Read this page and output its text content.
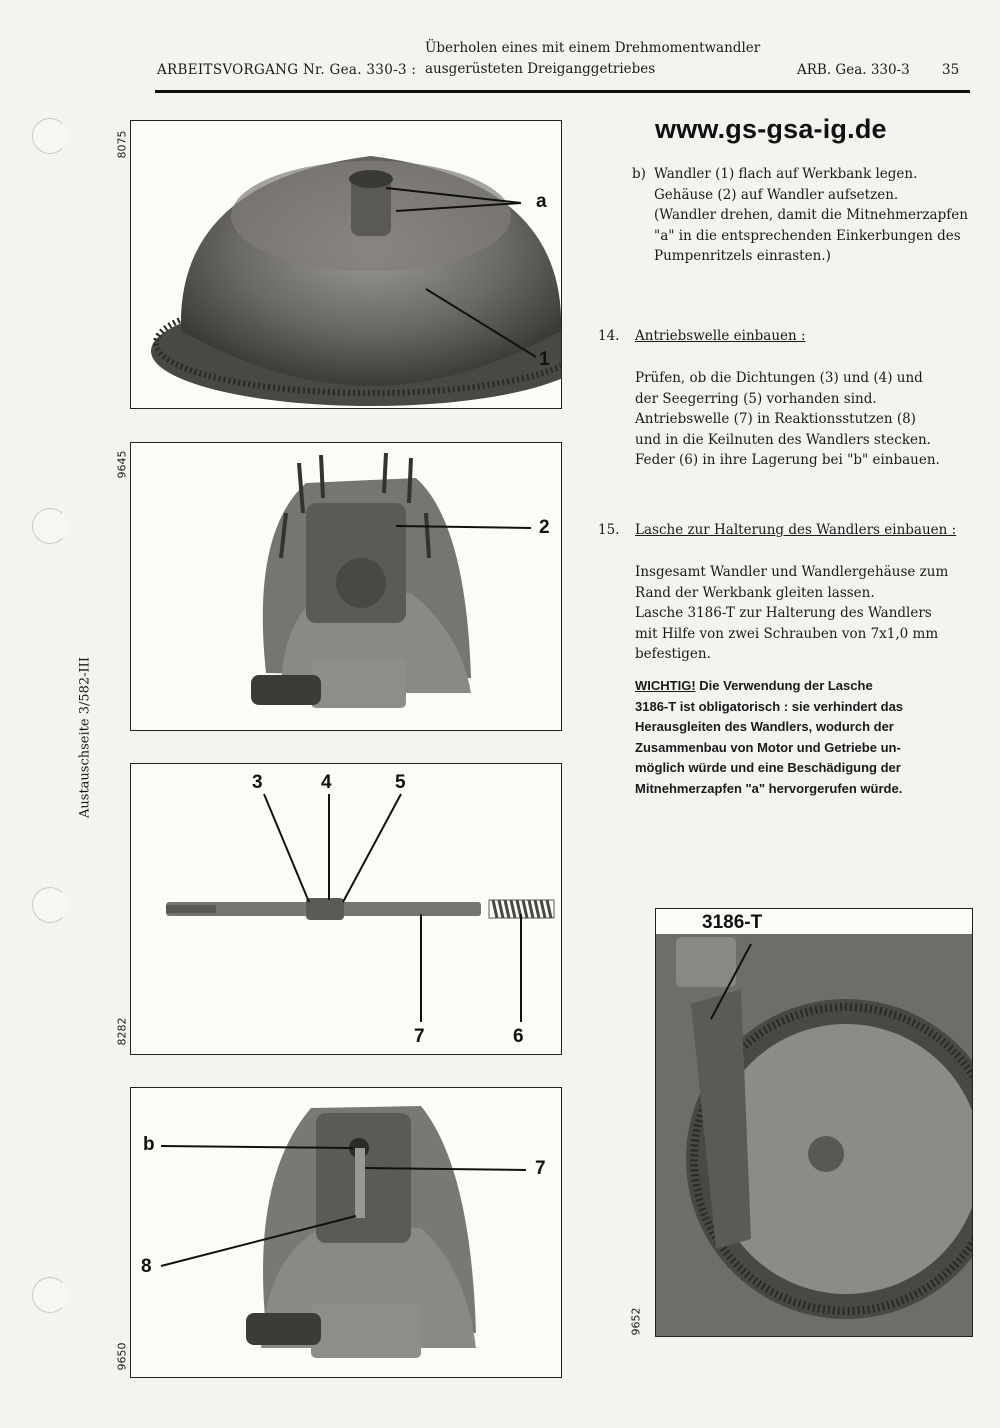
Überholen eines mit einem Drehmomentwandler
ausgerüsteten Dreiganggetriebes
ARBEITSVORGANG Nr. Gea. 330-3 :	ARB. Gea. 330-3 35
Austauschseite 3/582-III
a
1
8075
2
9645
3	4	5
7	6
8282
b
7
8
9650
3186-T
9652
www.gs-gsa-ig.de
b) Wandler (1) flach auf Werkbank legen.
Gehäuse (2) auf Wandler aufsetzen.
(Wandler drehen, damit die Mitnehmerzapfen
"a" in die entsprechenden Einkerbungen des
Pumpenritzels einrasten.)
14. Antriebswelle einbauen :
Prüfen, ob die Dichtungen (3) und (4) und
der Seegerring (5) vorhanden sind.
Antriebswelle (7) in Reaktionsstutzen (8)
und in die Keilnuten des Wandlers stecken.
Feder (6) in ihre Lagerung bei "b" einbauen.
15. Lasche zur Halterung des Wandlers einbauen :
Insgesamt Wandler und Wandlergehäuse zum
Rand der Werkbank gleiten lassen.
Lasche 3186-T zur Halterung des Wandlers
mit Hilfe von zwei Schrauben von 7x1,0 mm
befestigen.
WICHTIG! Die Verwendung der Lasche
3186-T ist obligatorisch : sie verhindert das
Herausgleiten des Wandlers, wodurch der
Zusammenbau von Motor und Getriebe un-
möglich würde und eine Beschädigung der
Mitnehmerzapfen "a" hervorgerufen würde.
